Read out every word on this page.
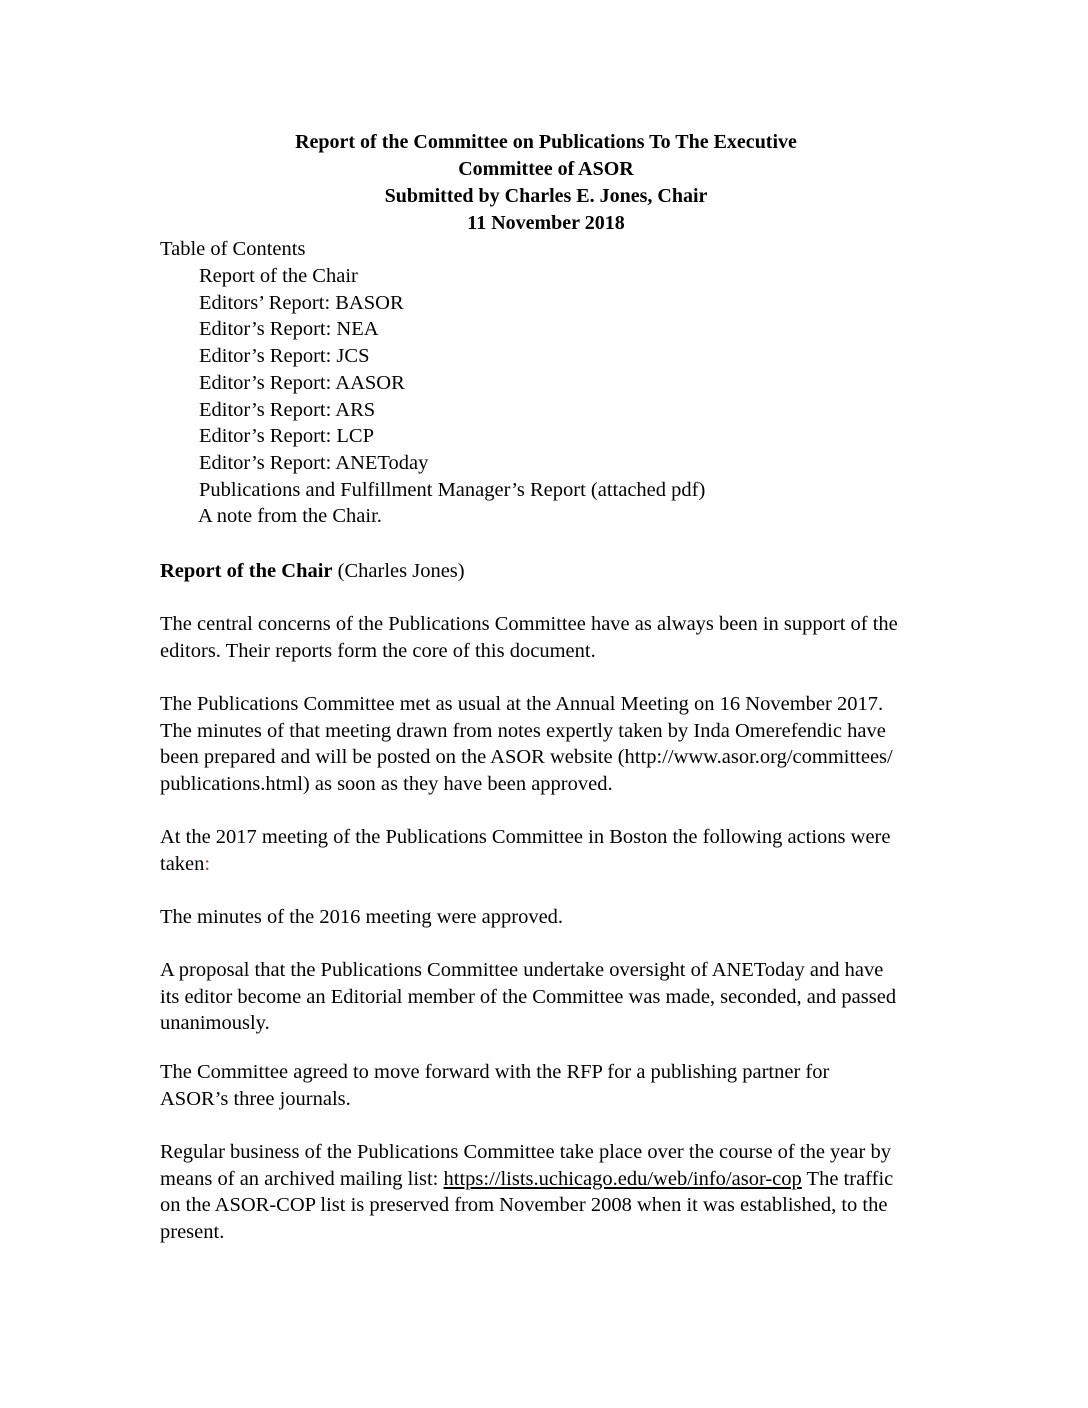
Report of the Committee on Publications To The Executive
Committee of ASOR
Submitted by Charles E. Jones, Chair
11 November 2018
Table of Contents
Report of the Chair
Editors’ Report: BASOR
Editor’s Report: NEA
Editor’s Report: JCS
Editor’s Report: AASOR
Editor’s Report: ARS
Editor’s Report: LCP
Editor’s Report: ANEToday
Publications and Fulfillment Manager’s Report (attached pdf)
A note from the Chair.
Report of the Chair (Charles Jones)

The central concerns of the Publications Committee have as always been in support of the
editors. Their reports form the core of this document.

The Publications Committee met as usual at the Annual Meeting on 16 November 2017.
The minutes of that meeting drawn from notes expertly taken by Inda Omerefendic have
been prepared and will be posted on the ASOR website (http://www.asor.org/committees/
publications.html) as soon as they have been approved.

At the 2017 meeting of the Publications Committee in Boston the following actions were
taken:

The minutes of the 2016 meeting were approved.

A proposal that the Publications Committee undertake oversight of ANEToday and have
its editor become an Editorial member of the Committee was made, seconded, and passed
unanimously.

The Committee agreed to move forward with the RFP for a publishing partner for
ASOR’s three journals.

Regular business of the Publications Committee take place over the course of the year by
means of an archived mailing list: https://lists.uchicago.edu/web/info/asor-cop The traffic
on the ASOR-COP list is preserved from November 2008 when it was established, to the
present.
